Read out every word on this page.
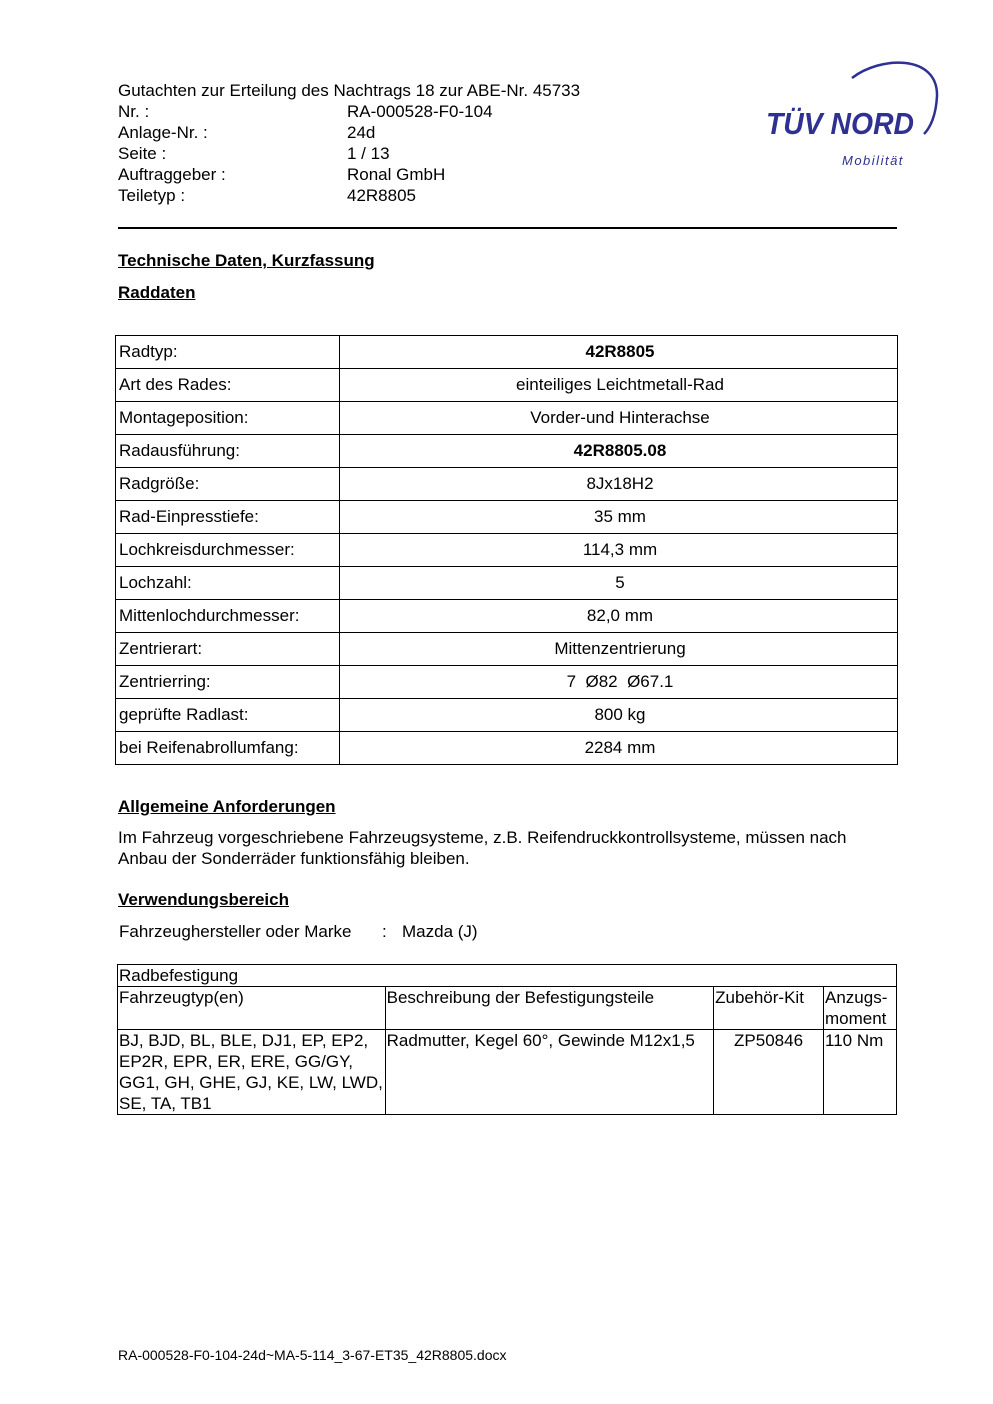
Gutachten zur Erteilung des Nachtrags 18 zur ABE-Nr. 45733
Nr. :	RA-000528-F0-104
Anlage-Nr. :	24d
Seite :	1 / 13
Auftraggeber :	Ronal GmbH
Teiletyp :	42R8805
TÜV NORD
Mobilität
Technische Daten, Kurzfassung
Raddaten
Radtyp:	42R8805
Art des Rades:	einteiliges Leichtmetall-Rad
Montageposition:	Vorder-und Hinterachse
Radausführung:	42R8805.08
Radgröße:	8Jx18H2
Rad-Einpresstiefe:	35 mm
Lochkreisdurchmesser:	114,3 mm
Lochzahl:	5
Mittenlochdurchmesser:	82,0 mm
Zentrierart:	Mittenzentrierung
Zentrierring:	7  Ø82  Ø67.1
geprüfte Radlast:	800 kg
bei Reifenabrollumfang:	2284 mm
Allgemeine Anforderungen
Im Fahrzeug vorgeschriebene Fahrzeugsysteme, z.B. Reifendruckkontrollsysteme, müssen nach Anbau der Sonderräder funktionsfähig bleiben.
Verwendungsbereich
Fahrzeughersteller oder Marke	: Mazda (J)
Radbefestigung			
Fahrzeugtyp(en)	Beschreibung der Befestigungsteile	Zubehör-Kit	Anzugs-moment
BJ, BJD, BL, BLE, DJ1, EP, EP2, EP2R, EPR, ER, ERE, GG/GY, GG1, GH, GHE, GJ, KE, LW, LWD, SE, TA, TB1	Radmutter, Kegel 60°, Gewinde M12x1,5	ZP50846	110 Nm
RA-000528-F0-104-24d~MA-5-114_3-67-ET35_42R8805.docx
